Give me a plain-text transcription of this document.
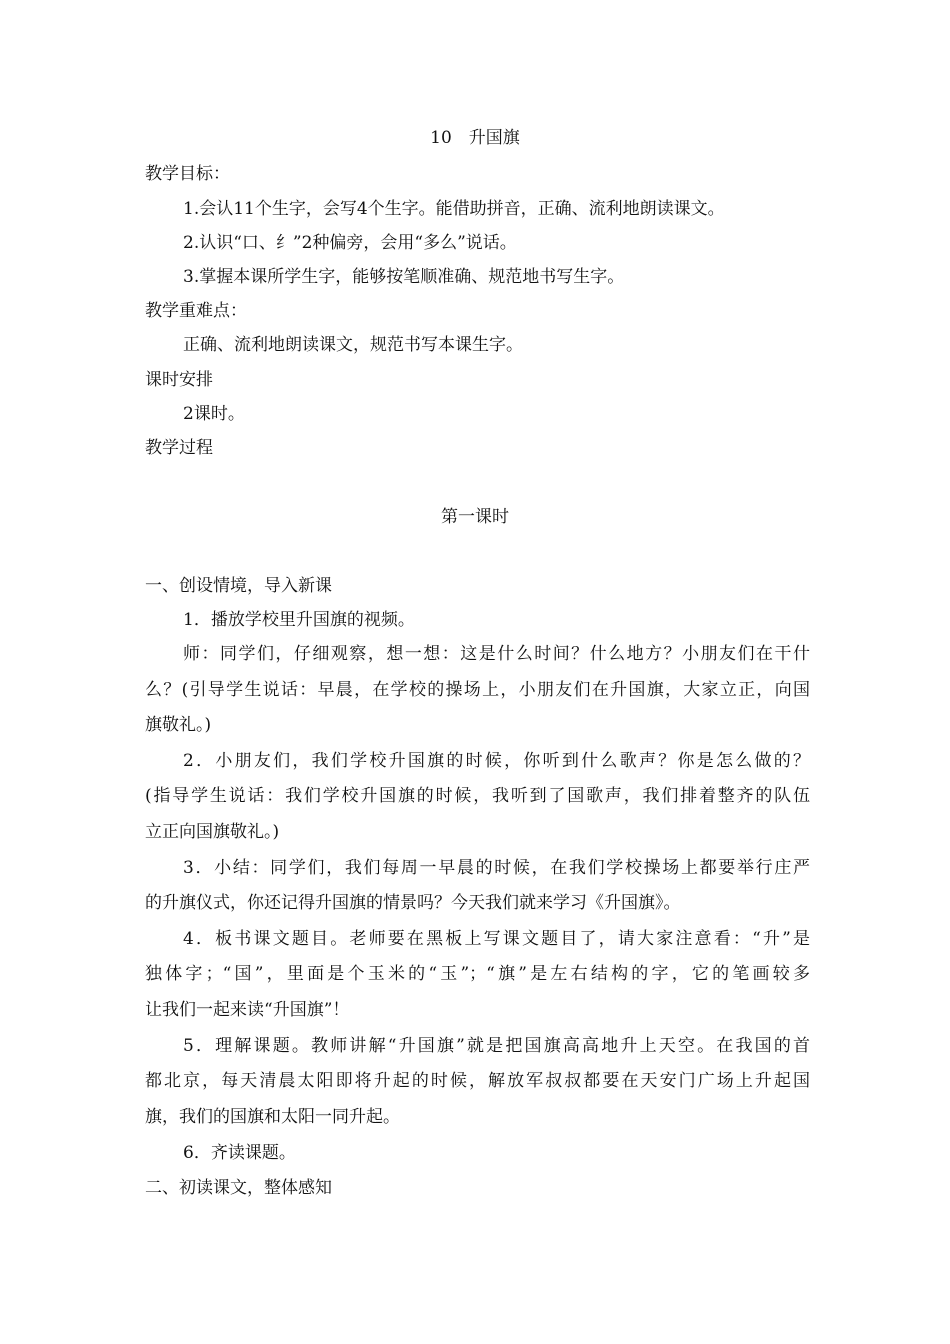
10　升国旗
教学目标：
1.会认11个生字，会写4个生字。能借助拼音，正确、流利地朗读课文。
2.认识“口、纟”2种偏旁，会用“多么”说话。
3.掌握本课所学生字，能够按笔顺准确、规范地书写生字。
教学重难点：
正确、流利地朗读课文，规范书写本课生字。
课时安排
2课时。
教学过程
第一课时
一、创设情境，导入新课
1．播放学校里升国旗的视频。
师：同学们，仔细观察，想一想：这是什么时间？什么地方？小朋友们在干什
么？(引导学生说话：早晨，在学校的操场上，小朋友们在升国旗，大家立正，向国
旗敬礼。)
2．小朋友们，我们学校升国旗的时候，你听到什么歌声？你是怎么做的？
(指导学生说话：我们学校升国旗的时候，我听到了国歌声，我们排着整齐的队伍
立正向国旗敬礼。)
3．小结：同学们，我们每周一早晨的时候，在我们学校操场上都要举行庄严
的升旗仪式，你还记得升国旗的情景吗？今天我们就来学习《升国旗》。
4．板书课文题目。老师要在黑板上写课文题目了，请大家注意看：“升”是
独体字；“国”，里面是个玉米的“玉”；“旗”是左右结构的字，它的笔画较多
让我们一起来读“升国旗”！
5．理解课题。教师讲解“升国旗”就是把国旗高高地升上天空。在我国的首
都北京，每天清晨太阳即将升起的时候，解放军叔叔都要在天安门广场上升起国
旗，我们的国旗和太阳一同升起。
6．齐读课题。
二、初读课文，整体感知
